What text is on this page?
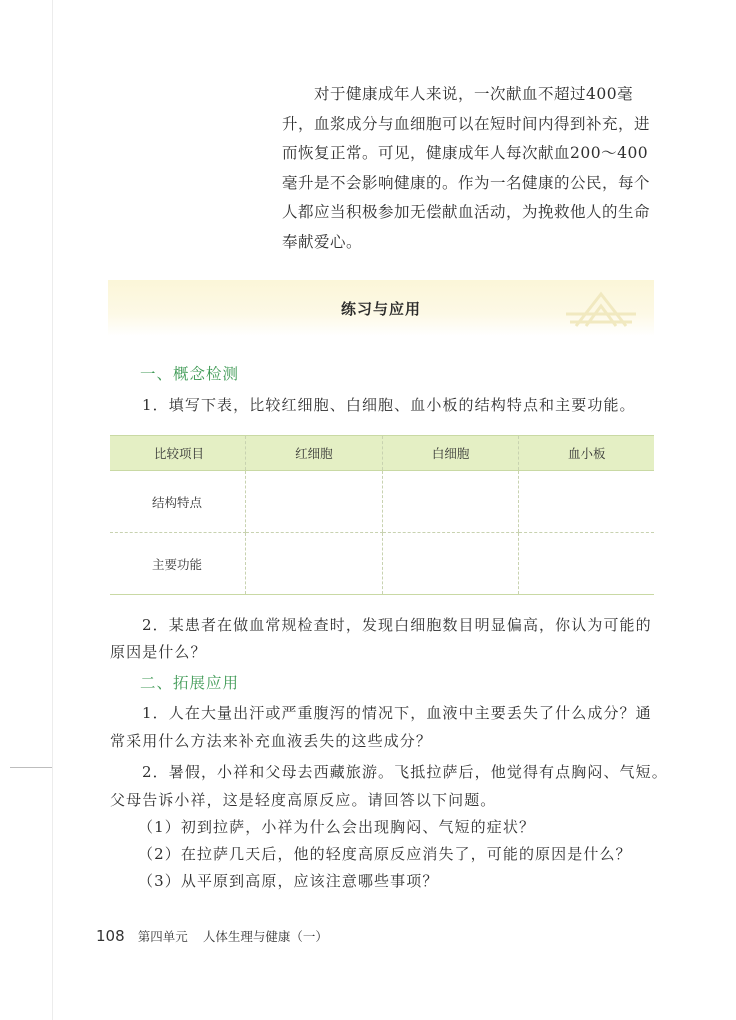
对于健康成年人来说，一次献血不超过400毫
升，血浆成分与血细胞可以在短时间内得到补充，进
而恢复正常。可见，健康成年人每次献血200～400
毫升是不会影响健康的。作为一名健康的公民，每个
人都应当积极参加无偿献血活动，为挽救他人的生命
奉献爱心。

练习与应用
一、概念检测
1．填写下表，比较红细胞、白细胞、血小板的结构特点和主要功能。
比较项目	红细胞	白细胞	血小板
结构特点			
主要功能			
2．某患者在做血常规检查时，发现白细胞数目明显偏高，你认为可能的
原因是什么？
二、拓展应用
1．人在大量出汗或严重腹泻的情况下，血液中主要丢失了什么成分？通
常采用什么方法来补充血液丢失的这些成分？
2．暑假，小祥和父母去西藏旅游。飞抵拉萨后，他觉得有点胸闷、气短。
父母告诉小祥，这是轻度高原反应。请回答以下问题。
（1）初到拉萨，小祥为什么会出现胸闷、气短的症状？
（2）在拉萨几天后，他的轻度高原反应消失了，可能的原因是什么？
（3）从平原到高原，应该注意哪些事项？
108 第四单元 人体生理与健康（一）
